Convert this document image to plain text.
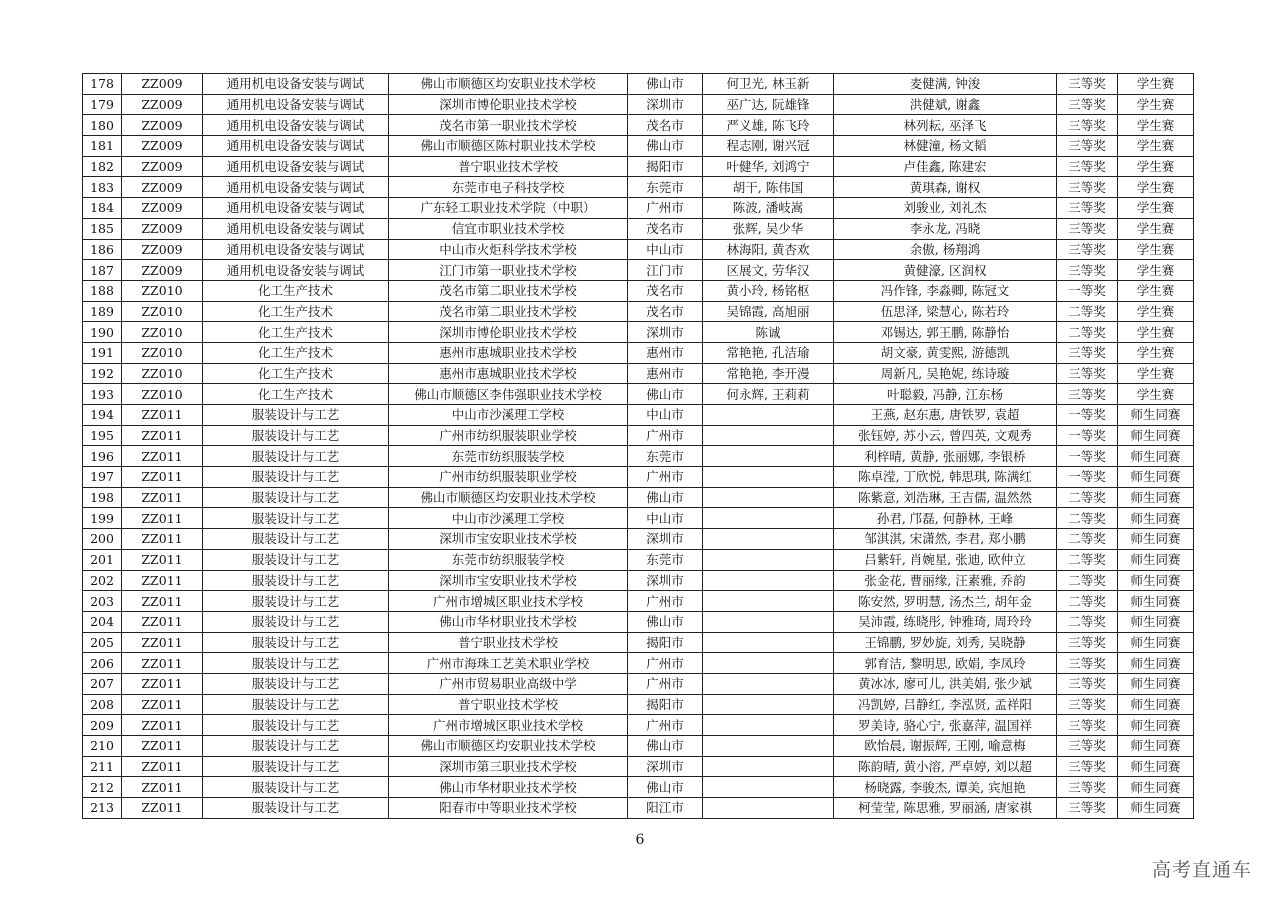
178	ZZ009	通用机电设备安装与调试	佛山市顺德区均安职业技术学校	佛山市	何卫光, 林玉新	麦健满, 钟浚	三等奖	学生赛
179	ZZ009	通用机电设备安装与调试	深圳市博伦职业技术学校	深圳市	巫广达, 阮雄锋	洪健斌, 谢鑫	三等奖	学生赛
180	ZZ009	通用机电设备安装与调试	茂名市第一职业技术学校	茂名市	严义雄, 陈飞玲	林列耘, 巫泽飞	三等奖	学生赛
181	ZZ009	通用机电设备安装与调试	佛山市顺德区陈村职业技术学校	佛山市	程志刚, 谢兴冠	林健潼, 杨文韬	三等奖	学生赛
182	ZZ009	通用机电设备安装与调试	普宁职业技术学校	揭阳市	叶健华, 刘鸿宁	卢佳鑫, 陈建宏	三等奖	学生赛
183	ZZ009	通用机电设备安装与调试	东莞市电子科技学校	东莞市	胡干, 陈伟国	黄琪森, 谢权	三等奖	学生赛
184	ZZ009	通用机电设备安装与调试	广东轻工职业技术学院（中职）	广州市	陈波, 潘岐嵩	刘骏业, 刘礼杰	三等奖	学生赛
185	ZZ009	通用机电设备安装与调试	信宜市职业技术学校	茂名市	张辉, 吴少华	李永龙, 冯晓	三等奖	学生赛
186	ZZ009	通用机电设备安装与调试	中山市火炬科学技术学校	中山市	林海阳, 黄杏欢	余傲, 杨翔鸿	三等奖	学生赛
187	ZZ009	通用机电设备安装与调试	江门市第一职业技术学校	江门市	区展文, 劳华汉	黄健濠, 区润权	三等奖	学生赛
188	ZZ010	化工生产技术	茂名市第二职业技术学校	茂名市	黄小玲, 杨铭枢	冯作锋, 李淼卿, 陈冠文	一等奖	学生赛
189	ZZ010	化工生产技术	茂名市第二职业技术学校	茂名市	吴锦霞, 高旭丽	伍思泽, 梁慧心, 陈若玲	二等奖	学生赛
190	ZZ010	化工生产技术	深圳市博伦职业技术学校	深圳市	陈诚	邓锡达, 郭王鹏, 陈静怡	二等奖	学生赛
191	ZZ010	化工生产技术	惠州市惠城职业技术学校	惠州市	常艳艳, 孔洁瑜	胡文豪, 黄雯熙, 游德凯	三等奖	学生赛
192	ZZ010	化工生产技术	惠州市惠城职业技术学校	惠州市	常艳艳, 李开漫	周新凡, 吴艳妮, 练诗璇	三等奖	学生赛
193	ZZ010	化工生产技术	佛山市顺德区李伟强职业技术学校	佛山市	何永辉, 王莉莉	叶聪毅, 冯静, 江东杨	三等奖	学生赛
194	ZZ011	服装设计与工艺	中山市沙溪理工学校	中山市		王燕, 赵东惠, 唐铁罗, 袁超	一等奖	师生同赛
195	ZZ011	服装设计与工艺	广州市纺织服装职业学校	广州市		张钰婷, 苏小云, 曾四英, 文观秀	一等奖	师生同赛
196	ZZ011	服装设计与工艺	东莞市纺织服装学校	东莞市		利梓晴, 黄静, 张丽娜, 李银桥	一等奖	师生同赛
197	ZZ011	服装设计与工艺	广州市纺织服装职业学校	广州市		陈卓滢, 丁欣悦, 韩思琪, 陈满红	一等奖	师生同赛
198	ZZ011	服装设计与工艺	佛山市顺德区均安职业技术学校	佛山市		陈紫意, 刘浩琳, 王吉儒, 温然然	二等奖	师生同赛
199	ZZ011	服装设计与工艺	中山市沙溪理工学校	中山市		孙君, 邝磊, 何静林, 王峰	二等奖	师生同赛
200	ZZ011	服装设计与工艺	深圳市宝安职业技术学校	深圳市		邹淇淇, 宋潇然, 李君, 郑小鹏	二等奖	师生同赛
201	ZZ011	服装设计与工艺	东莞市纺织服装学校	东莞市		吕紫轩, 肖婉星, 张迪, 欧仲立	二等奖	师生同赛
202	ZZ011	服装设计与工艺	深圳市宝安职业技术学校	深圳市		张金花, 曹丽缘, 汪素雅, 乔韵	二等奖	师生同赛
203	ZZ011	服装设计与工艺	广州市增城区职业技术学校	广州市		陈安然, 罗明慧, 汤杰兰, 胡年金	二等奖	师生同赛
204	ZZ011	服装设计与工艺	佛山市华材职业技术学校	佛山市		吴沛霞, 练晓彤, 钟雅琦, 周玲玲	二等奖	师生同赛
205	ZZ011	服装设计与工艺	普宁职业技术学校	揭阳市		王锦鹏, 罗妙旋, 刘秀, 吴晓静	三等奖	师生同赛
206	ZZ011	服装设计与工艺	广州市海珠工艺美术职业学校	广州市		郭育洁, 黎明思, 欧娟, 李凤玲	三等奖	师生同赛
207	ZZ011	服装设计与工艺	广州市贸易职业高级中学	广州市		黄冰冰, 廖可儿, 洪美娟, 张少斌	三等奖	师生同赛
208	ZZ011	服装设计与工艺	普宁职业技术学校	揭阳市		冯凯婷, 吕静红, 李泓贤, 孟祥阳	三等奖	师生同赛
209	ZZ011	服装设计与工艺	广州市增城区职业技术学校	广州市		罗美诗, 骆心宁, 张嘉萍, 温国祥	三等奖	师生同赛
210	ZZ011	服装设计与工艺	佛山市顺德区均安职业技术学校	佛山市		欧怡晨, 谢振辉, 王刚, 喻意梅	三等奖	师生同赛
211	ZZ011	服装设计与工艺	深圳市第三职业技术学校	深圳市		陈韵晴, 黄小溶, 严卓婷, 刘以超	三等奖	师生同赛
212	ZZ011	服装设计与工艺	佛山市华材职业技术学校	佛山市		杨晓露, 李骏杰, 谭美, 宾旭艳	三等奖	师生同赛
213	ZZ011	服装设计与工艺	阳春市中等职业技术学校	阳江市		柯莹莹, 陈思雅, 罗丽涵, 唐家祺	三等奖	师生同赛
6
高考直通车
